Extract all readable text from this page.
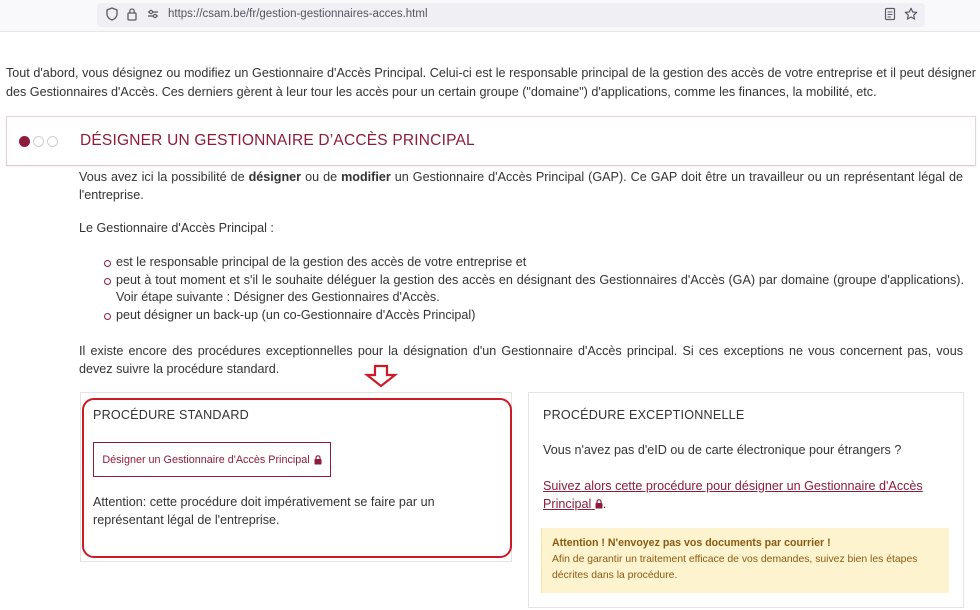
https://csam.be/fr/gestion-gestionnaires-acces.html

Tout d'abord, vous désignez ou modifiez un Gestionnaire d'Accès Principal. Celui-ci est le responsable principal de la gestion des accès de votre entreprise et il peut désigner des Gestionnaires d'Accès. Ces derniers gèrent à leur tour les accès pour un certain groupe ("domaine") d'applications, comme les finances, la mobilité, etc.

DÉSIGNER UN GESTIONNAIRE D’ACCÈS PRINCIPAL

Vous avez ici la possibilité de désigner ou de modifier un Gestionnaire d'Accès Principal (GAP). Ce GAP doit être un travailleur ou un représentant légal de l'entreprise.

Le Gestionnaire d'Accès Principal :

est le responsable principal de la gestion des accès de votre entreprise et
peut à tout moment et s'il le souhaite déléguer la gestion des accès en désignant des Gestionnaires d'Accès (GA) par domaine (groupe d'applications). Voir étape suivante : Désigner des Gestionnaires d'Accès.
peut désigner un back-up (un co-Gestionnaire d'Accès Principal)

Il existe encore des procédures exceptionnelles pour la désignation d'un Gestionnaire d'Accès principal. Si ces exceptions ne vous concernent pas, vous devez suivre la procédure standard.

PROCÉDURE STANDARD
Désigner un Gestionnaire d'Accès Principal

Attention: cette procédure doit impérativement se faire par un représentant légal de l'entreprise.

PROCÉDURE EXCEPTIONNELLE

Vous n'avez pas d'eID ou de carte électronique pour étrangers ?

Suivez alors cette procédure pour désigner un Gestionnaire d'Accès Principal .

Attention ! N'envoyez pas vos documents par courrier !
Afin de garantir un traitement efficace de vos demandes, suivez bien les étapes décrites dans la procédure.
